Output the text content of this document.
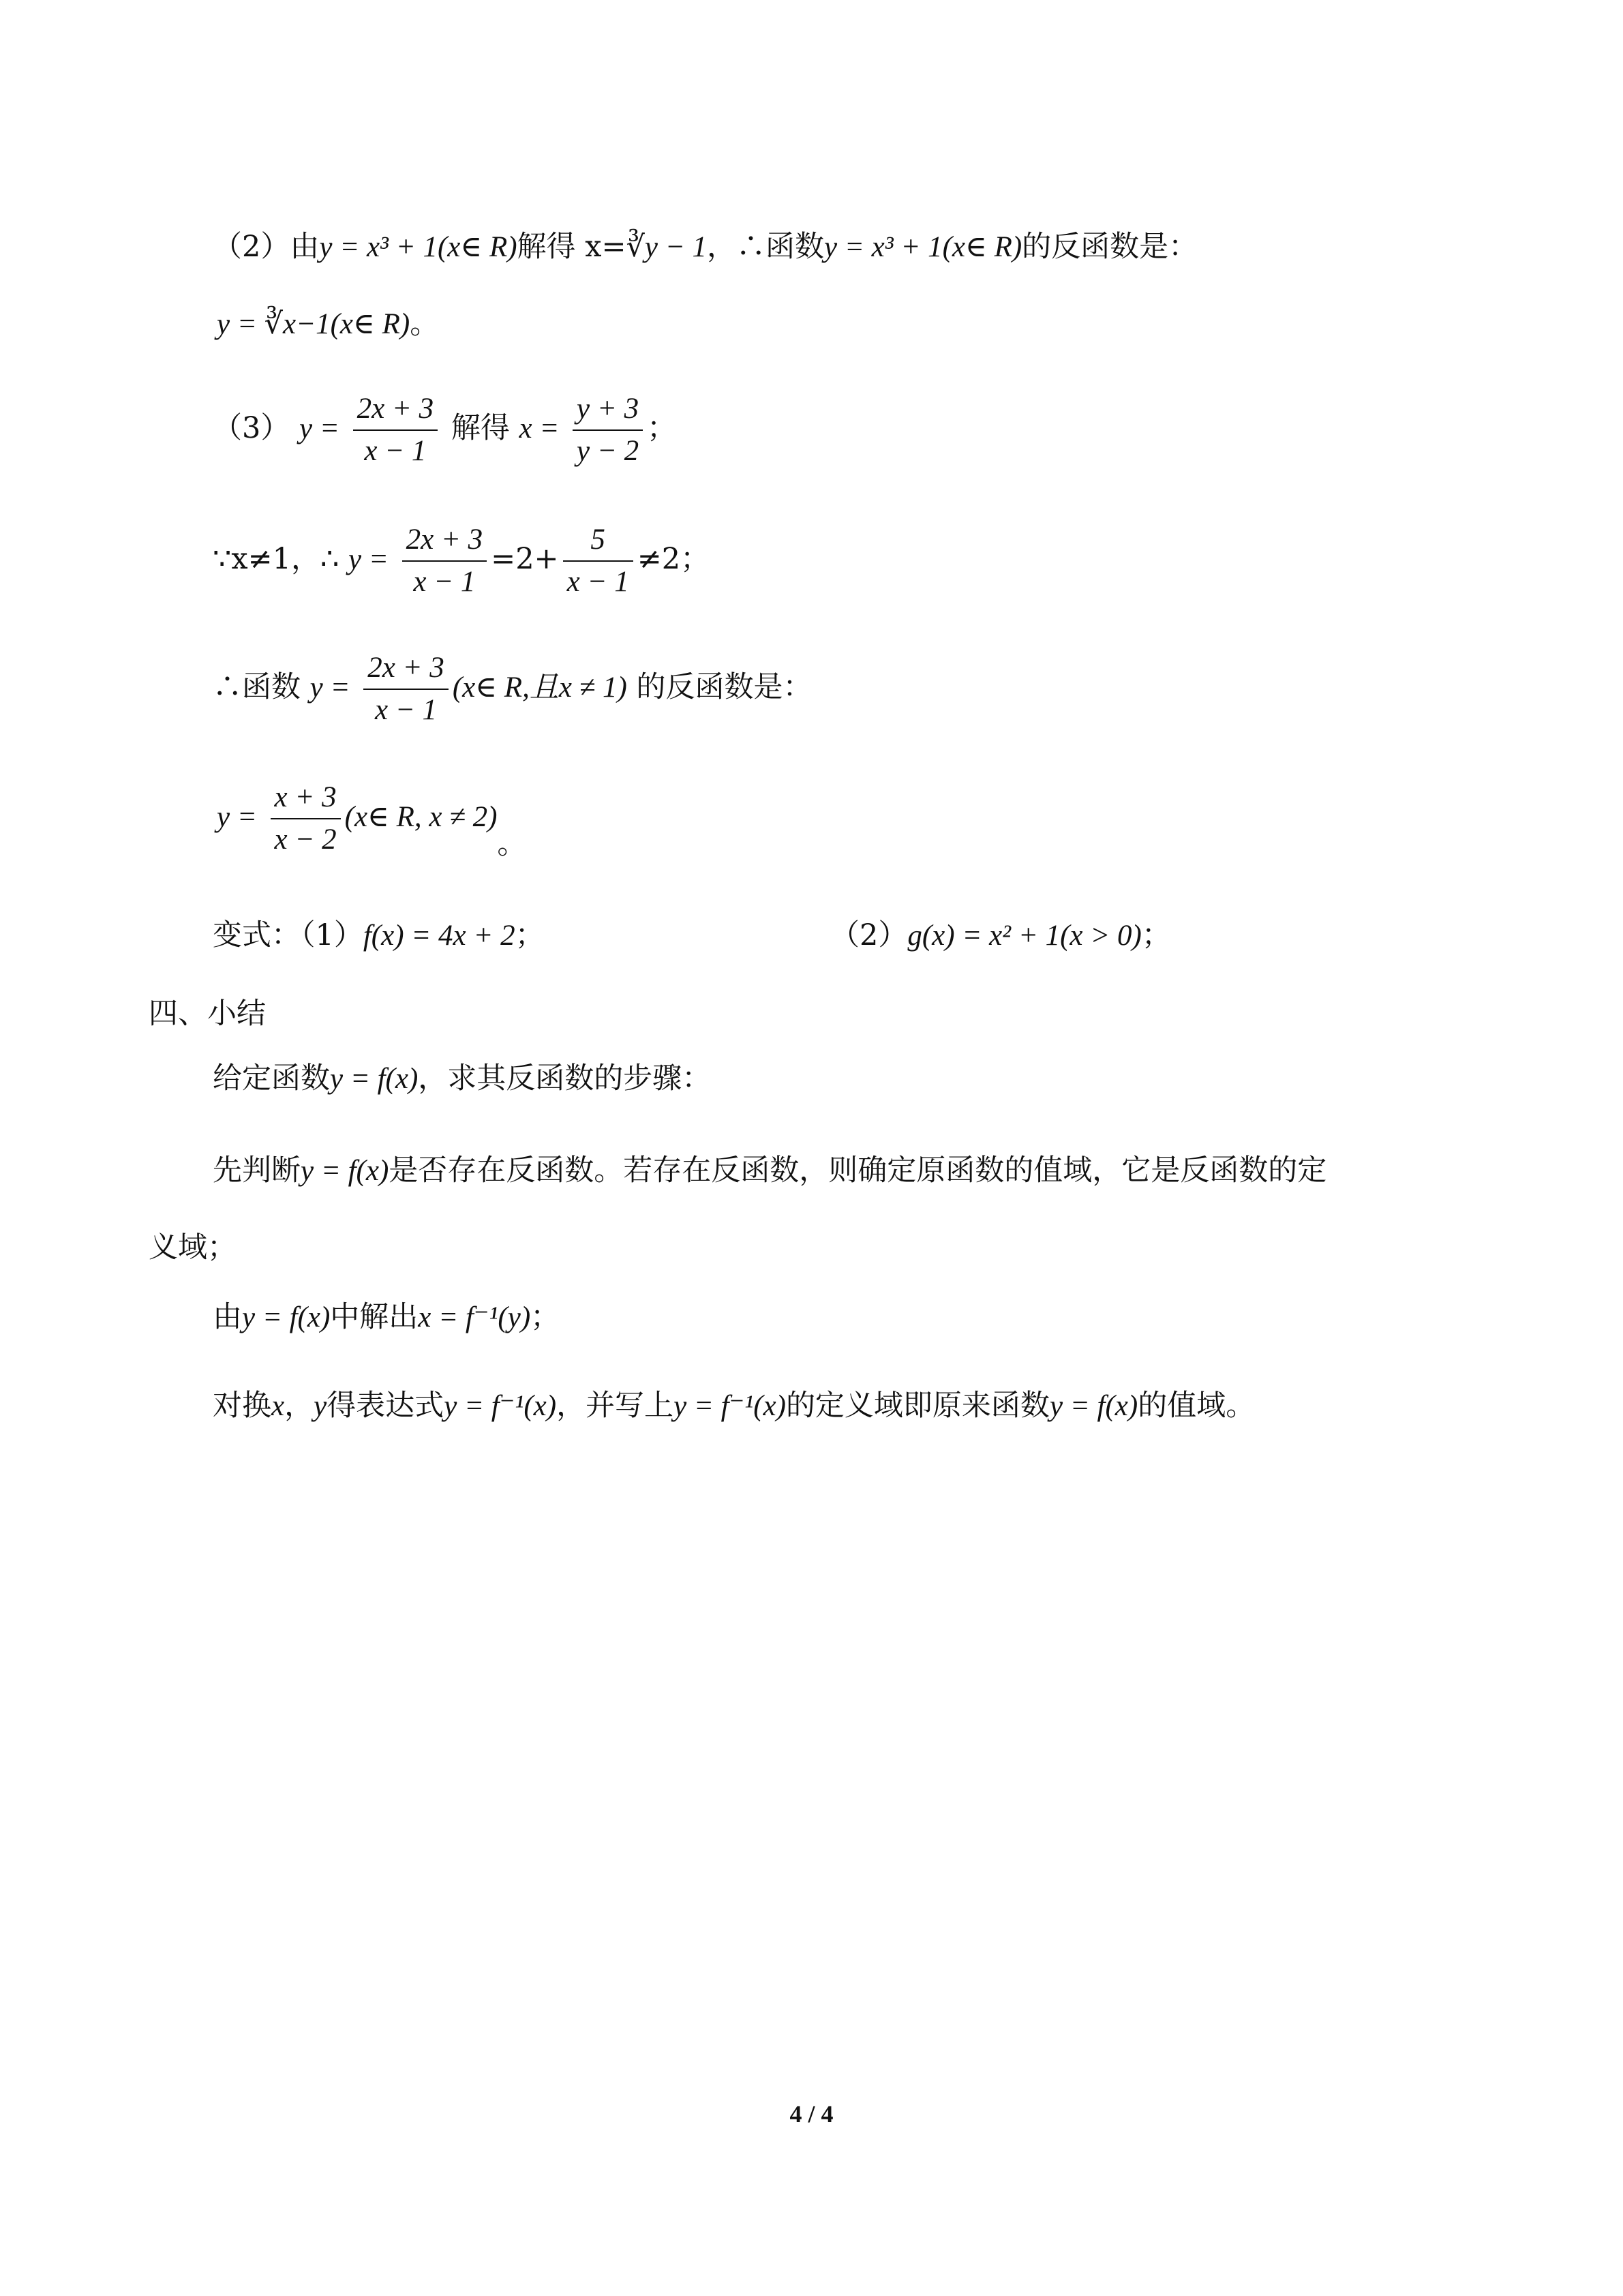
（2）由y = x³ + 1(x∈ R)解得 x=∛y − 1，∴函数y = x³ + 1(x∈ R)的反函数是：
y = ∛x−1(x∈ R)。
（3） $y = \frac{2x + 3}{x - 1}$ 解得 $x = \frac{y + 3}{y - 2}$ ；
∵x≠1，∴ $y = \frac{2x + 3}{x - 1} =2+ \frac{5}{x - 1} \ne 2$；
∴函数 $y = \frac{2x + 3}{x - 1}$ (x∈ R,且x ≠ 1) 的反函数是：
$y = \frac{x + 3}{x - 2}$ (x∈ R, x ≠ 2)。
变式：（1）f(x) = 4x + 2；	（2）g(x) = x² + 1(x > 0)；
四、小结
给定函数y = f(x)，求其反函数的步骤：
先判断y = f(x)是否存在反函数。若存在反函数，则确定原函数的值域，它是反函数的定
义域；
由y = f(x)中解出x = f⁻¹(y)；
对换x，y得表达式y = f⁻¹(x)，并写上y = f⁻¹(x)的定义域即原来函数y = f(x)的值域。
4 / 4
